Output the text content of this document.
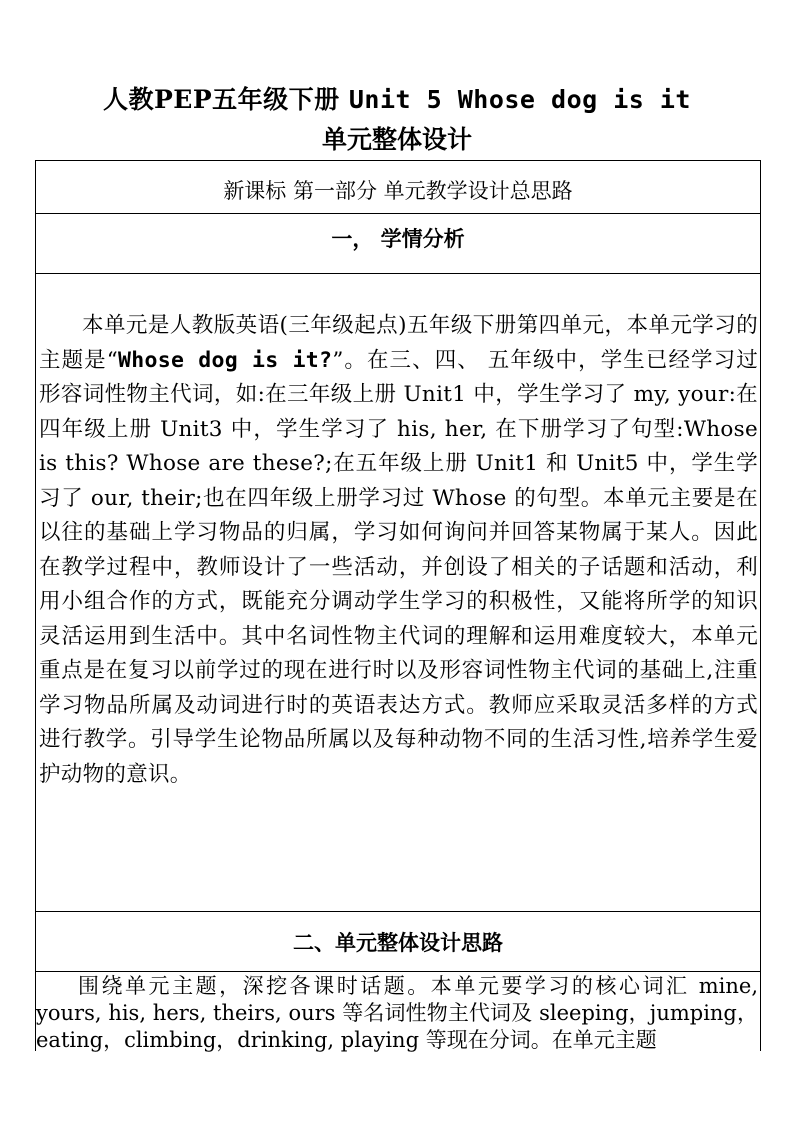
人教PEP五年级下册 Unit 5 Whose dog is it
单元整体设计
新课标 第一部分 单元教学设计总思路
一， 学情分析

本单元是人教版英语(三年级起点)五年级下册第四单元，本单元学习的主题是“Whose dog is it?”。在三、四、 五年级中，学生已经学习过形容词性物主代词，如:在三年级上册 Unit1 中，学生学习了 my, your:在四年级上册 Unit3 中，学生学习了 his, her, 在下册学习了句型:Whose is this? Whose are these?;在五年级上册 Unit1 和 Unit5 中，学生学习了 our, their;也在四年级上册学习过 Whose 的句型。本单元主要是在以往的基础上学习物品的归属，学习如何询问并回答某物属于某人。因此在教学过程中，教师设计了一些活动，并创设了相关的子话题和活动，利用小组合作的方式，既能充分调动学生学习的积极性，又能将所学的知识灵活运用到生活中。其中名词性物主代词的理解和运用难度较大，本单元重点是在复习以前学过的现在进行时以及形容词性物主代词的基础上,注重学习物品所属及动词进行时的英语表达方式。教师应采取灵活多样的方式进行教学。引导学生论物品所属以及每种动物不同的生活习性,培养学生爱护动物的意识。

二、单元整体设计思路

围绕单元主题，深挖各课时话题。本单元要学习的核心词汇 mine, yours, his, hers, theirs, ours 等名词性物主代词及 sleeping，jumping，eating，climbing，drinking, playing 等现在分词。在单元主题
